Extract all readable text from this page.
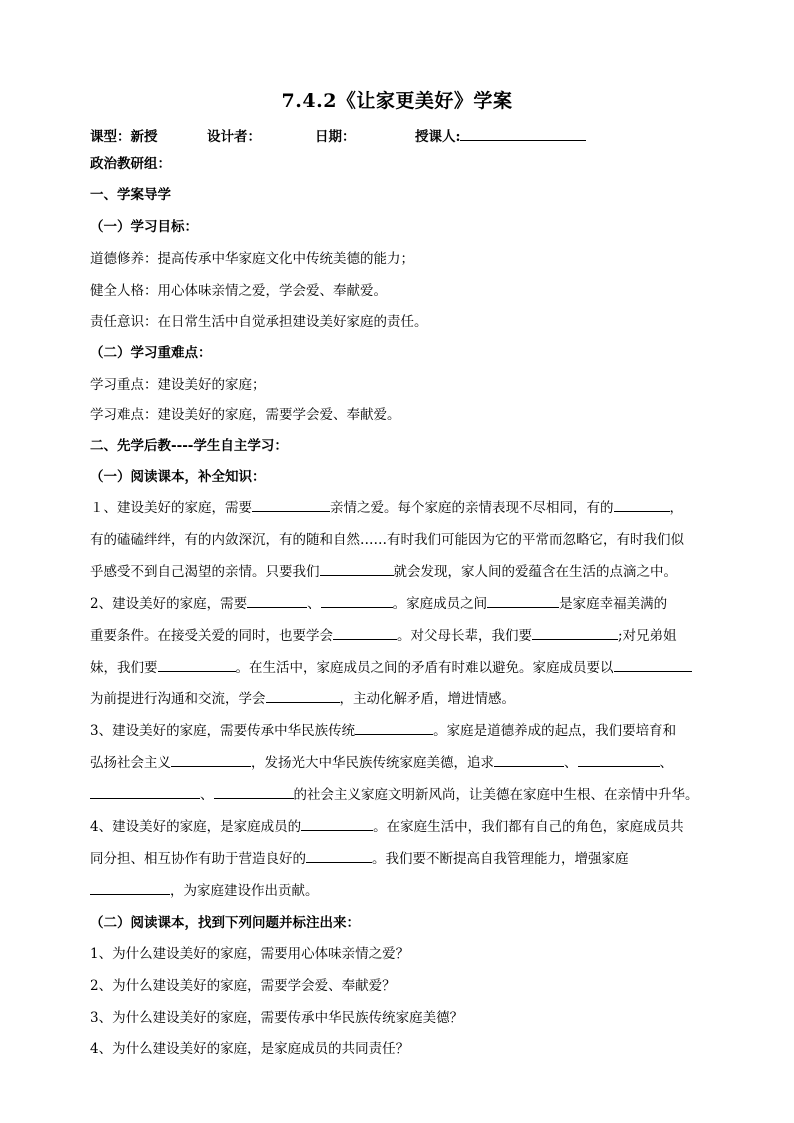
7.4.2《让家更美好》学案
课型：新授	设计者：	日期：	授课人:
政治教研组：
一、学案导学
（一）学习目标：
道德修养：提高传承中华家庭文化中传统美德的能力；
健全人格：用心体味亲情之爱，学会爱、奉献爱。
责任意识：在日常生活中自觉承担建设美好家庭的责任。
（二）学习重难点：
学习重点：建设美好的家庭；
学习难点：建设美好的家庭，需要学会爱、奉献爱。
二、先学后教----学生自主学习：
（一）阅读课本，补全知识：
１、建设美好的家庭，需要	亲情之爱。每个家庭的亲情表现不尽相同，有的	，
有的磕磕绊绊，有的内敛深沉，有的随和自然……有时我们可能因为它的平常而忽略它，有时我们似
乎感受不到自己渴望的亲情。只要我们	就会发现，家人间的爱蕴含在生活的点滴之中。
2、建设美好的家庭，需要	、	。家庭成员之间	是家庭幸福美满的
重要条件。在接受关爱的同时，也要学会	。对父母长辈，我们要	;对兄弟姐
妹，我们要	。在生活中，家庭成员之间的矛盾有时难以避免。家庭成员要以
为前提进行沟通和交流，学会	，主动化解矛盾，增进情感。
3、建设美好的家庭，需要传承中华民族传统	。家庭是道德养成的起点，我们要培育和
弘扬社会主义	，发扬光大中华民族传统家庭美德，追求	、	、
、	的社会主义家庭文明新风尚，让美德在家庭中生根、在亲情中升华。
4、建设美好的家庭，是家庭成员的	。在家庭生活中，我们都有自己的角色，家庭成员共
同分担、相互协作有助于营造良好的	。我们要不断提高自我管理能力，增强家庭
，为家庭建设作出贡献。
（二）阅读课本，找到下列问题并标注出来：
1、为什么建设美好的家庭，需要用心体味亲情之爱？
2、为什么建设美好的家庭，需要学会爱、奉献爱？
3、为什么建设美好的家庭，需要传承中华民族传统家庭美德？
4、为什么建设美好的家庭，是家庭成员的共同责任？
